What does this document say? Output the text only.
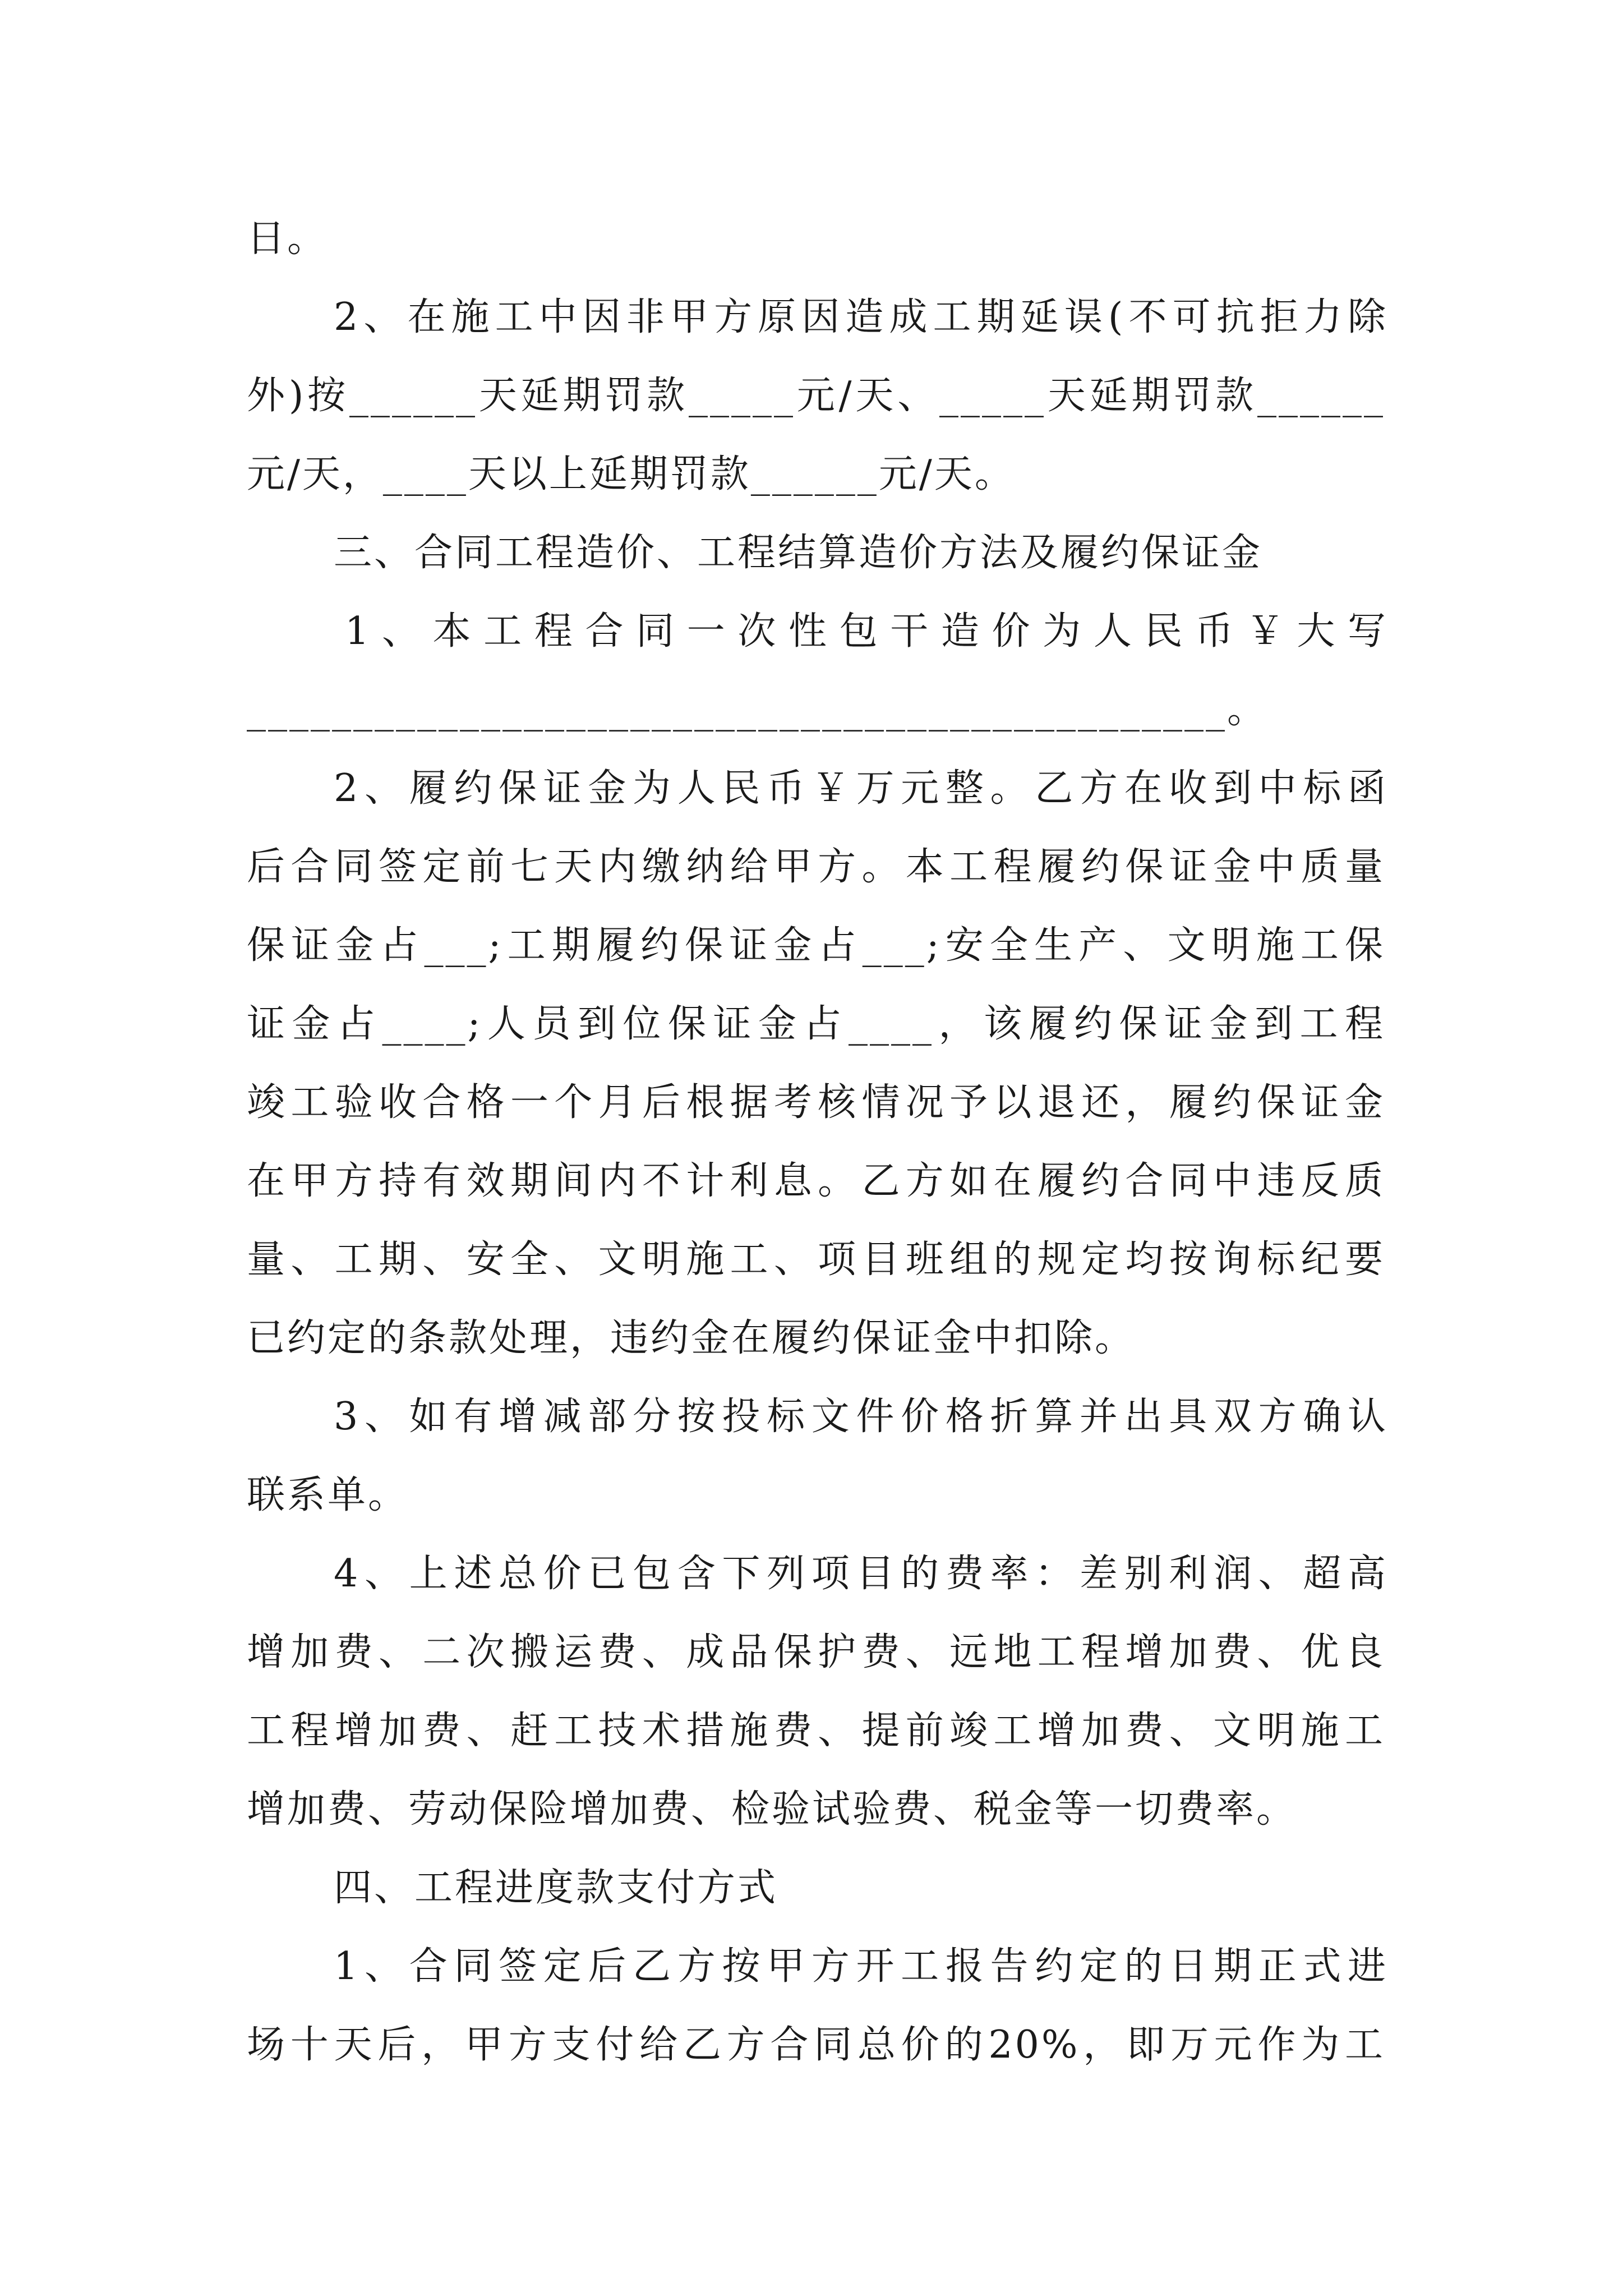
日。
2、在施工中因非甲方原因造成工期延误(不可抗拒力除
外)按______天延期罚款_____元/天、_____天延期罚款______
元/天，____天以上延期罚款______元/天。
三、合同工程造价、工程结算造价方法及履约保证金
1、本工程合同一次性包干造价为人民币￥大写
______________________________________________。
2、履约保证金为人民币￥万元整。乙方在收到中标函
后合同签定前七天内缴纳给甲方。本工程履约保证金中质量
保证金占___;工期履约保证金占___;安全生产、文明施工保
证金占____;人员到位保证金占____，该履约保证金到工程
竣工验收合格一个月后根据考核情况予以退还，履约保证金
在甲方持有效期间内不计利息。乙方如在履约合同中违反质
量、工期、安全、文明施工、项目班组的规定均按询标纪要
已约定的条款处理，违约金在履约保证金中扣除。
3、如有增减部分按投标文件价格折算并出具双方确认
联系单。
4、上述总价已包含下列项目的费率：差别利润、超高
增加费、二次搬运费、成品保护费、远地工程增加费、优良
工程增加费、赶工技术措施费、提前竣工增加费、文明施工
增加费、劳动保险增加费、检验试验费、税金等一切费率。
四、工程进度款支付方式
1、合同签定后乙方按甲方开工报告约定的日期正式进
场十天后，甲方支付给乙方合同总价的20%，即万元作为工
